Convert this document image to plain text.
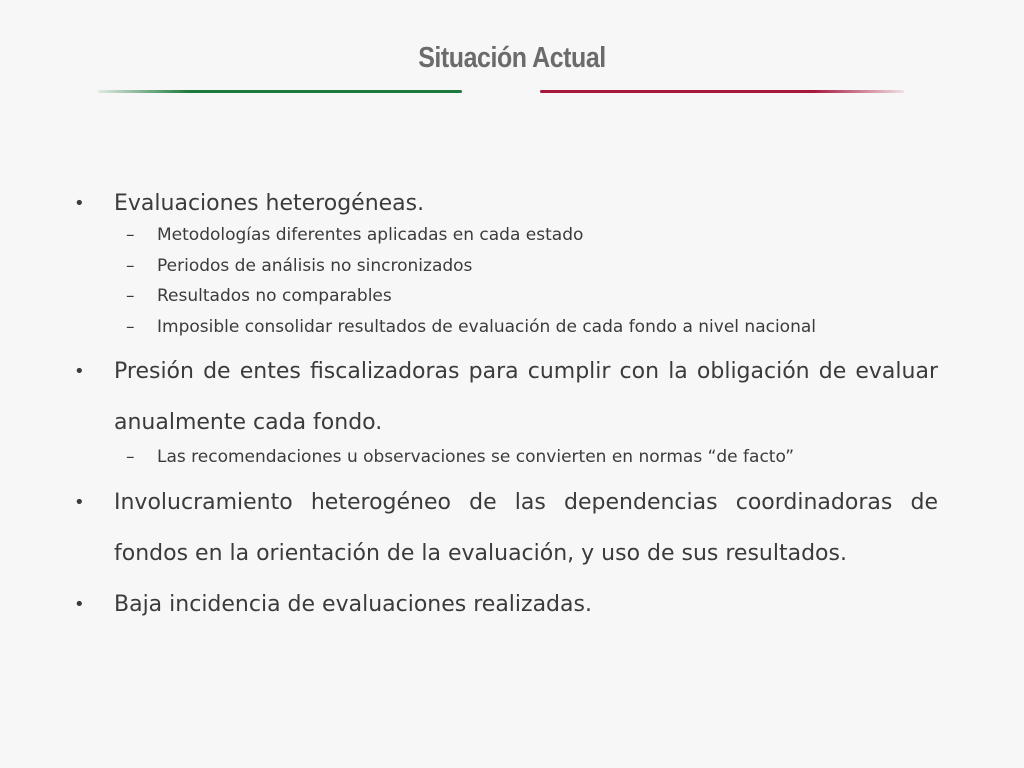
Situación Actual
• Evaluaciones heterogéneas.
– Metodologías diferentes aplicadas en cada estado
– Periodos de análisis no sincronizados
– Resultados no comparables
– Imposible consolidar resultados de evaluación de cada fondo a nivel nacional
• Presión de entes fiscalizadoras para cumplir con la obligación de evaluar anualmente cada fondo.
– Las recomendaciones u observaciones se convierten en normas “de facto”
• Involucramiento heterogéneo de las dependencias coordinadoras de fondos en la orientación de la evaluación, y uso de sus resultados.
• Baja incidencia de evaluaciones realizadas.
